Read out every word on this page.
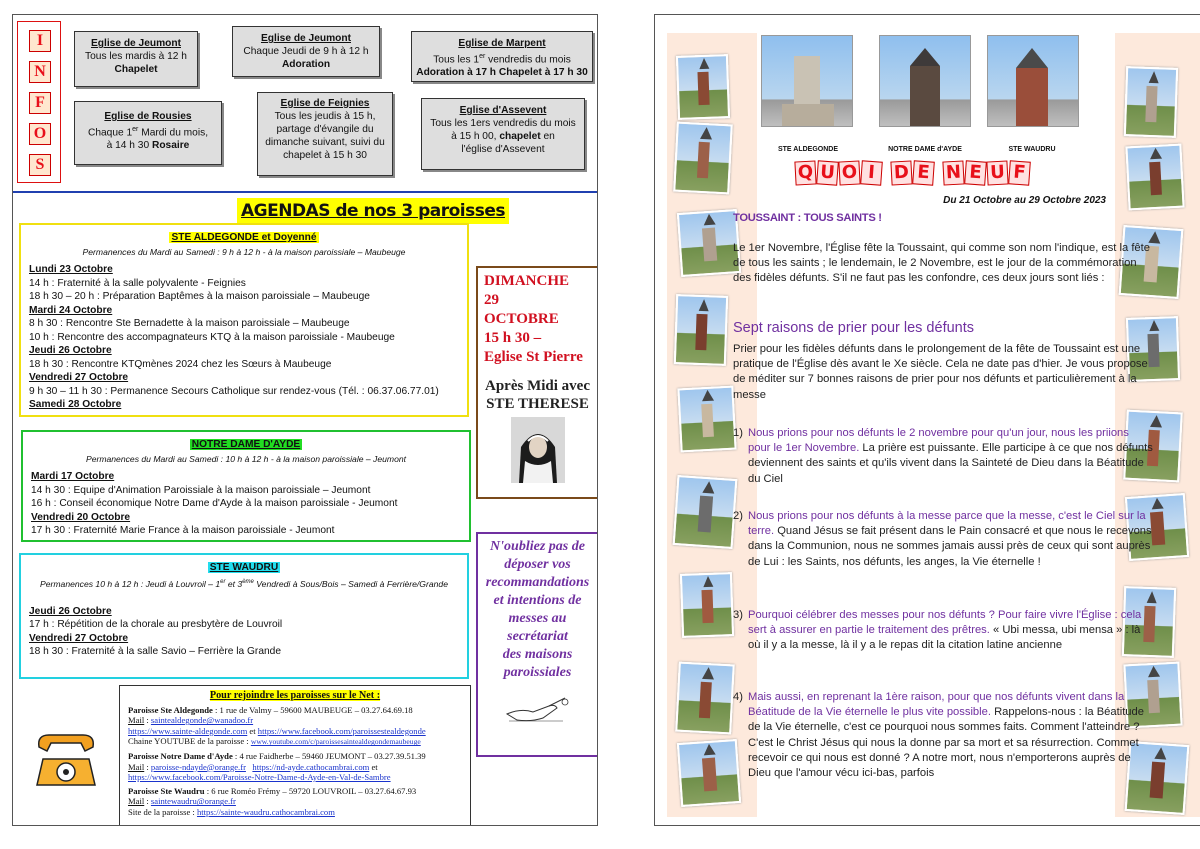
I
N
F
O
S
Eglise de Jeumont
Tous les mardis à 12 h
Chapelet
Eglise de Jeumont
Chaque Jeudi de 9 h à 12 h
Adoration
Eglise de Marpent
Tous les 1er vendredis du mois
Adoration à 17 h Chapelet à 17 h 30
Eglise de Rousies
Chaque 1er Mardi du mois,
à 14 h 30 Rosaire
Eglise de Feignies
Tous les jeudis à 15 h,
partage d'évangile du
dimanche suivant, suivi du
chapelet à 15 h 30
Eglise d'Assevent
Tous les 1ers vendredis du mois
à 15 h 00, chapelet en
l'église d'Assevent
AGENDAS de nos 3 paroisses
STE ALDEGONDE et Doyenné
Permanences du Mardi au Samedi : 9 h à 12 h - à la maison paroissiale – Maubeuge
Lundi 23 Octobre
14 h : Fraternité à la salle polyvalente - Feignies
18 h 30 – 20 h : Préparation Baptêmes à la maison paroissiale – Maubeuge
Mardi 24 Octobre
8 h 30 : Rencontre Ste Bernadette à la maison paroissiale – Maubeuge
10 h : Rencontre des accompagnateurs KTQ à la maison paroissiale - Maubeuge
Jeudi 26 Octobre
18 h 30 : Rencontre KTQmènes 2024 chez les Sœurs à Maubeuge
Vendredi 27 Octobre
9 h 30 – 11 h 30 : Permanence Secours Catholique sur rendez-vous (Tél. : 06.37.06.77.01)
Samedi 28 Octobre
NOTRE DAME D'AYDE
Permanences du Mardi au Samedi : 10 h à 12 h - à la maison paroissiale – Jeumont
Mardi 17 Octobre
14 h 30 : Equipe d'Animation Paroissiale à la maison paroissiale – Jeumont
16 h : Conseil économique Notre Dame d'Ayde à la maison paroissiale - Jeumont
Vendredi 20 Octobre
17 h 30 : Fraternité Marie France à la maison paroissiale - Jeumont
STE WAUDRU
Permanences 10 h à 12 h : Jeudi à Louvroil – 1er et 3ème Vendredi à Sous/Bois – Samedi à Ferrière/Grande
Jeudi 26 Octobre
17 h : Répétition de la chorale au presbytère de Louvroil
Vendredi 27 Octobre
18 h 30 : Fraternité à la salle Savio – Ferrière la Grande
DIMANCHE
29
OCTOBRE
15 h 30 –
Eglise St Pierre
Après Midi avec STE THERESE
N'oubliez pas de
déposer vos
recommandations
et intentions de
messes au
secrétariat
des maisons
paroissiales
Pour rejoindre les paroisses sur le Net :
Paroisse Ste Aldegonde : 1 rue de Valmy – 59600 MAUBEUGE – 03.27.64.69.18
Mail : saintealdegonde@wanadoo.fr
https://www.sainte-aldegonde.com et https://www.facebook.com/paroissestealdegonde
Chaine YOUTUBE de la paroisse : www.youtube.com/c/paroissesaintealdegondemaubeuge
Paroisse Notre Dame d'Ayde : 4 rue Faidherbe – 59460 JEUMONT – 03.27.39.51.39
Mail : paroisse-ndayde@orange.fr https://nd-ayde.cathocambrai.com et
https://www.facebook.com/Paroisse-Notre-Dame-d-Ayde-en-Val-de-Sambre
Paroisse Ste Waudru : 6 rue Roméo Frémy – 59720 LOUVROIL – 03.27.64.67.93
Mail : saintewaudru@orange.fr
Site de la paroisse : https://sainte-waudru.cathocambrai.com
STE ALDEGONDE	NOTRE DAME d'AYDE	STE WAUDRU
Q U O I D E N E U F
Du 21 Octobre au 29 Octobre 2023
TOUSSAINT : TOUS SAINTS !
Le 1er Novembre, l'Église fête la Toussaint, qui comme son nom l'indique, est la fête de tous les saints ; le lendemain, le 2 Novembre, est le jour de la commémoration des fidèles défunts. S'il ne faut pas les confondre, ces deux jours sont liés :
Sept raisons de prier pour les défunts
Prier pour les fidèles défunts dans le prolongement de la fête de Toussaint est une pratique de l'Église dès avant le Xe siècle. Cela ne date pas d'hier. Je vous propose de méditer sur 7 bonnes raisons de prier pour nos défunts et particulièrement à la messe
1) Nous prions pour nos défunts le 2 novembre pour qu'un jour, nous les priions pour le 1er Novembre. La prière est puissante. Elle participe à ce que nos défunts deviennent des saints et qu'ils vivent dans la Sainteté de Dieu dans la Béatitude du Ciel
2) Nous prions pour nos défunts à la messe parce que la messe, c'est le Ciel sur la terre. Quand Jésus se fait présent dans le Pain consacré et que nous le recevons dans la Communion, nous ne sommes jamais aussi près de ceux qui sont auprès de Lui : les Saints, nos défunts, les anges, la Vie éternelle !
3) Pourquoi célébrer des messes pour nos défunts ? Pour faire vivre l'Église : cela sert à assurer en partie le traitement des prêtres. « Ubi messa, ubi mensa » : là où il y a la messe, là il y a le repas dit la citation latine ancienne
4) Mais aussi, en reprenant la 1ère raison, pour que nos défunts vivent dans la Béatitude de la Vie éternelle le plus vite possible. Rappelons-nous : la Béatitude de la Vie éternelle, c'est ce pourquoi nous sommes faits. Comment l'atteindre ? C'est le Christ Jésus qui nous la donne par sa mort et sa résurrection. Commet recevoir ce qui nous est donné ? A notre mort, nous n'emporterons auprès de Dieu que l'amour vécu ici-bas, parfois
